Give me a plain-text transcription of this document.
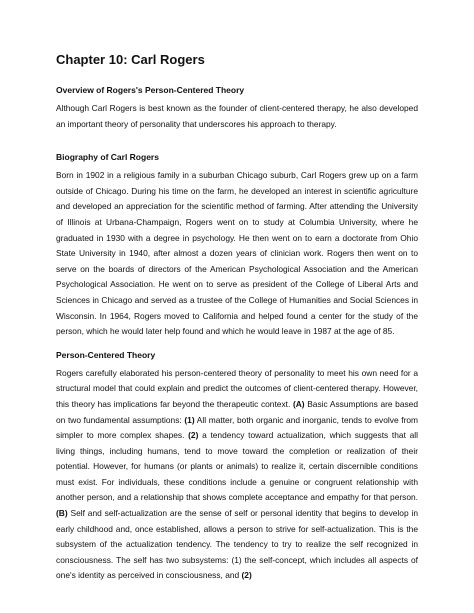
Chapter 10: Carl Rogers
Overview of Rogers's Person-Centered Theory

Although Carl Rogers is best known as the founder of client-centered therapy, he also developed an important theory of personality that underscores his approach to therapy.

Biography of Carl Rogers

Born in 1902 in a religious family in a suburban Chicago suburb, Carl Rogers grew up on a farm outside of Chicago. During his time on the farm, he developed an interest in scientific agriculture and developed an appreciation for the scientific method of farming. After attending the University of Illinois at Urbana-Champaign, Rogers went on to study at Columbia University, where he graduated in 1930 with a degree in psychology. He then went on to earn a doctorate from Ohio State University in 1940, after almost a dozen years of clinician work. Rogers then went on to serve on the boards of directors of the American Psychological Association and the American Psychological Association. He went on to serve as president of the College of Liberal Arts and Sciences in Chicago and served as a trustee of the College of Humanities and Social Sciences in Wisconsin. In 1964, Rogers moved to California and helped found a center for the study of the person, which he would later help found and which he would leave in 1987 at the age of 85.

Person-Centered Theory

Rogers carefully elaborated his person-centered theory of personality to meet his own need for a structural model that could explain and predict the outcomes of client-centered therapy. However, this theory has implications far beyond the therapeutic context. (A) Basic Assumptions are based on two fundamental assumptions: (1) All matter, both organic and inorganic, tends to evolve from simpler to more complex shapes. (2) a tendency toward actualization, which suggests that all living things, including humans, tend to move toward the completion or realization of their potential. However, for humans (or plants or animals) to realize it, certain discernible conditions must exist. For individuals, these conditions include a genuine or congruent relationship with another person, and a relationship that shows complete acceptance and empathy for that person. (B) Self and self-actualization are the sense of self or personal identity that begins to develop in early childhood and, once established, allows a person to strive for self-actualization. This is the subsystem of the actualization tendency. The tendency to try to realize the self recognized in consciousness. The self has two subsystems: (1) the self-concept, which includes all aspects of one's identity as perceived in consciousness, and (2)
